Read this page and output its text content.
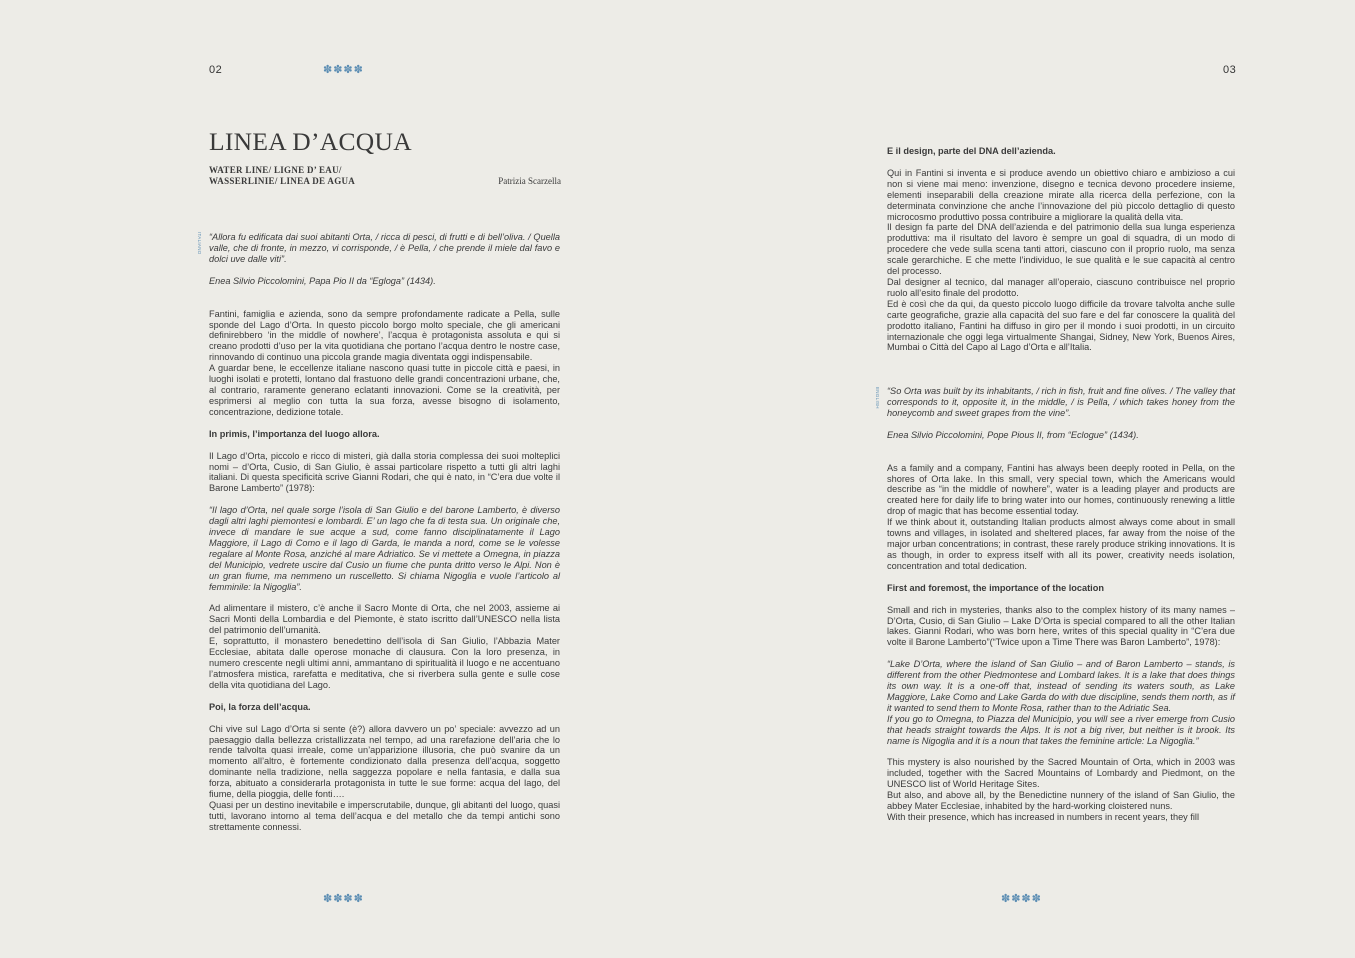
02	✽✽✽✽
LINEA D’ACQUA
WATER LINE/ LIGNE D’ EAU/ WASSERLINIE/ LINEA DE AGUA	Patrizia Scarzella
ITALIANO “Allora fu edificata dai suoi abitanti Orta, / ricca di pesci, di frutti e di bell’oliva. / Quella valle, che di fronte, in mezzo, vi corrisponde, / è Pella, / che prende il miele dal favo e dolci uve dalle viti”.

Enea Silvio Piccolomini, Papa Pio II da “Egloga” (1434).

Fantini, famiglia e azienda, sono da sempre profondamente radicate a Pella, sulle sponde del Lago d’Orta. In questo piccolo borgo molto speciale, che gli americani definirebbero ‘in the middle of nowhere’, l’acqua è protagonista assoluta e qui si creano prodotti d’uso per la vita quotidiana che portano l’acqua dentro le nostre case, rinnovando di continuo una piccola grande magia diventata oggi indispensabile.

A guardar bene, le eccellenze italiane nascono quasi tutte in piccole città e paesi, in luoghi isolati e protetti, lontano dal frastuono delle grandi concentrazioni urbane, che, al contrario, raramente generano eclatanti innovazioni. Come se la creatività, per esprimersi al meglio con tutta la sua forza, avesse bisogno di isolamento, concentrazione, dedizione totale.

In primis, l’importanza del luogo allora.

Il Lago d’Orta, piccolo e ricco di misteri, già dalla storia complessa dei suoi molteplici nomi – d’Orta, Cusio, di San Giulio, è assai particolare rispetto a tutti gli altri laghi italiani. Di questa specificità scrive Gianni Rodari, che qui è nato, in “C’era due volte il Barone Lamberto” (1978):

“Il lago d’Orta, nel quale sorge l’isola di San Giulio e del barone Lamberto, è diverso dagli altri laghi piemontesi e lombardi. E’ un lago che fa di testa sua. Un originale che, invece di mandare le sue acque a sud, come fanno disciplinatamente il Lago Maggiore, il Lago di Como e il lago di Garda, le manda a nord, come se le volesse regalare al Monte Rosa, anziché al mare Adriatico. Se vi mettete a Omegna, in piazza del Municipio, vedrete uscire dal Cusio un fiume che punta dritto verso le Alpi. Non è un gran fiume, ma nemmeno un ruscelletto. Si chiama Nigoglia e vuole l’articolo al femminile: la Nigoglia”.

Ad alimentare il mistero, c’è anche il Sacro Monte di Orta, che nel 2003, assieme ai Sacri Monti della Lombardia e del Piemonte, è stato iscritto dall’UNESCO nella lista del patrimonio dell’umanità.

E, soprattutto, il monastero benedettino dell’isola di San Giulio, l’Abbazia Mater Ecclesiae, abitata dalle operose monache di clausura. Con la loro presenza, in numero crescente negli ultimi anni, ammantano di spiritualità il luogo e ne accentuano l’atmosfera mistica, rarefatta e meditativa, che si riverbera sulla gente e sulle cose della vita quotidiana del Lago.

Poi, la forza dell’acqua.

Chi vive sul Lago d’Orta si sente (è?) allora davvero un po’ speciale: avvezzo ad un paesaggio dalla bellezza cristallizzata nel tempo, ad una rarefazione dell’aria che lo rende talvolta quasi irreale, come un’apparizione illusoria, che può svanire da un momento all’altro, è fortemente condizionato dalla presenza dell’acqua, soggetto dominante nella tradizione, nella saggezza popolare e nella fantasia, e dalla sua forza, abituato a considerarla protagonista in tutte le sue forme: acqua del lago, del fiume, della pioggia, delle fonti….

Quasi per un destino inevitabile e imperscrutabile, dunque, gli abitanti del luogo, quasi tutti, lavorano intorno al tema dell’acqua e del metallo che da tempi antichi sono strettamente connessi.

✽✽✽✽
03

E il design, parte del DNA dell’azienda.

Qui in Fantini si inventa e si produce avendo un obiettivo chiaro e ambizioso a cui non si viene mai meno: invenzione, disegno e tecnica devono procedere insieme, elementi inseparabili della creazione mirate alla ricerca della perfezione, con la determinata convinzione che anche l’innovazione del più piccolo dettaglio di questo microcosmo produttivo possa contribuire a migliorare la qualità della vita.

Il design fa parte del DNA dell’azienda e del patrimonio della sua lunga esperienza produttiva: ma il risultato del lavoro è sempre un goal di squadra, di un modo di procedere che vede sulla scena tanti attori, ciascuno con il proprio ruolo, ma senza scale gerarchiche. E che mette l’individuo, le sue qualità e le sue capacità al centro del processo.

Dal designer al tecnico, dal manager all’operaio, ciascuno contribuisce nel proprio ruolo all’esito finale del prodotto.

Ed è così che da qui, da questo piccolo luogo difficile da trovare talvolta anche sulle carte geografiche, grazie alla capacità del suo fare e del far conoscere la qualità del prodotto italiano, Fantini ha diffuso in giro per il mondo i suoi prodotti, in un circuito internazionale che oggi lega virtualmente Shangai, Sidney, New York, Buenos Aires, Mumbai o Città del Capo al Lago d’Orta e all’Italia.

ENGLISH “So Orta was built by its inhabitants, / rich in fish, fruit and fine olives. / The valley that corresponds to it, opposite it, in the middle, / is Pella, / which takes honey from the honeycomb and sweet grapes from the vine”.

Enea Silvio Piccolomini, Pope Pious II, from “Eclogue” (1434).

As a family and a company, Fantini has always been deeply rooted in Pella, on the shores of Orta lake. In this small, very special town, which the Americans would describe as “in the middle of nowhere”, water is a leading player and products are created here for daily life to bring water into our homes, continuously renewing a little drop of magic that has become essential today.

If we think about it, outstanding Italian products almost always come about in small towns and villages, in isolated and sheltered places, far away from the noise of the major urban concentrations; in contrast, these rarely produce striking innovations. It is as though, in order to express itself with all its power, creativity needs isolation, concentration and total dedication.

First and foremost, the importance of the location

Small and rich in mysteries, thanks also to the complex history of its many names – D’Orta, Cusio, di San Giulio – Lake D’Orta is special compared to all the other Italian lakes. Gianni Rodari, who was born here, writes of this special quality in “C’era due volte il Barone Lamberto”(“Twice upon a Time There was Baron Lamberto”, 1978):

“Lake D’Orta, where the island of San Giulio – and of Baron Lamberto – stands, is different from the other Piedmontese and Lombard lakes. It is a lake that does things its own way. It is a one-off that, instead of sending its waters south, as Lake Maggiore, Lake Como and Lake Garda do with due discipline, sends them north, as if it wanted to send them to Monte Rosa, rather than to the Adriatic Sea.

If you go to Omegna, to Piazza del Municipio, you will see a river emerge from Cusio that heads straight towards the Alps. It is not a big river, but neither is it brook. Its name is Nigoglia and it is a noun that takes the feminine article: La Nigoglia.”

This mystery is also nourished by the Sacred Mountain of Orta, which in 2003 was included, together with the Sacred Mountains of Lombardy and Piedmont, on the UNESCO list of World Heritage Sites.

But also, and above all, by the Benedictine nunnery of the island of San Giulio, the abbey Mater Ecclesiae, inhabited by the hard-working cloistered nuns.

With their presence, which has increased in numbers in recent years, they fill

✽✽✽✽
